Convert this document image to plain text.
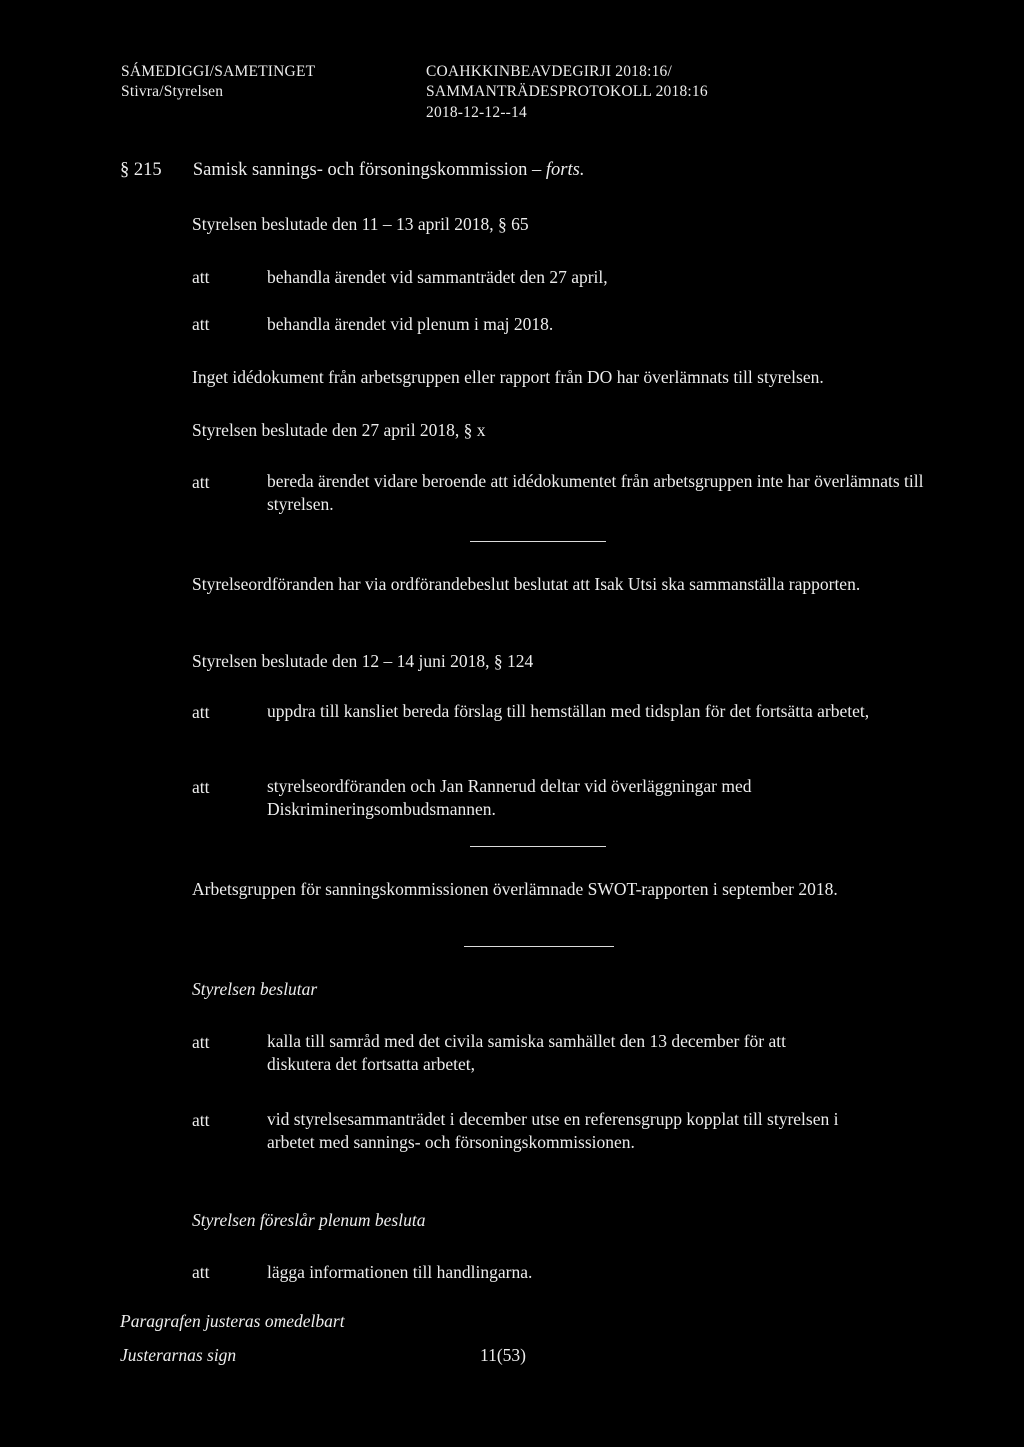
SÁMEDIGGI/SAMETINGET
Stivra/Styrelsen
COAHKKINBEAVDEGIRJI 2018:16/
SAMMANTRÄDESPROTOKOLL 2018:16
2018-12-12--14
§ 215 Samisk sannings- och försoningskommission – forts.
Styrelsen beslutade den 11 – 13 april 2018, § 65
att	behandla ärendet vid sammanträdet den 27 april,
att	behandla ärendet vid plenum i maj 2018.
Inget idédokument från arbetsgruppen eller rapport från DO har överlämnats till styrelsen.
Styrelsen beslutade den 27 april 2018, § x
att	bereda ärendet vidare beroende att idédokumentet från arbetsgruppen inte har överlämnats till styrelsen.
Styrelseordföranden har via ordförandebeslut beslutat att Isak Utsi ska sammanställa rapporten.
Styrelsen beslutade den 12 – 14 juni 2018, § 124
att	uppdra till kansliet bereda förslag till hemställan med tidsplan för det fortsätta arbetet,
att	styrelseordföranden och Jan Rannerud deltar vid överläggningar med Diskrimineringsombudsmannen.
Arbetsgruppen för sanningskommissionen överlämnade SWOT-rapporten i september 2018.
Styrelsen beslutar
att	kalla till samråd med det civila samiska samhället den 13 december för att diskutera det fortsatta arbetet,
att	vid styrelsesammanträdet i december utse en referensgrupp kopplat till styrelsen i arbetet med sannings- och försoningskommissionen.
Styrelsen föreslår plenum besluta
att	lägga informationen till handlingarna.
Paragrafen justeras omedelbart
Justerarnas sign	11(53)
